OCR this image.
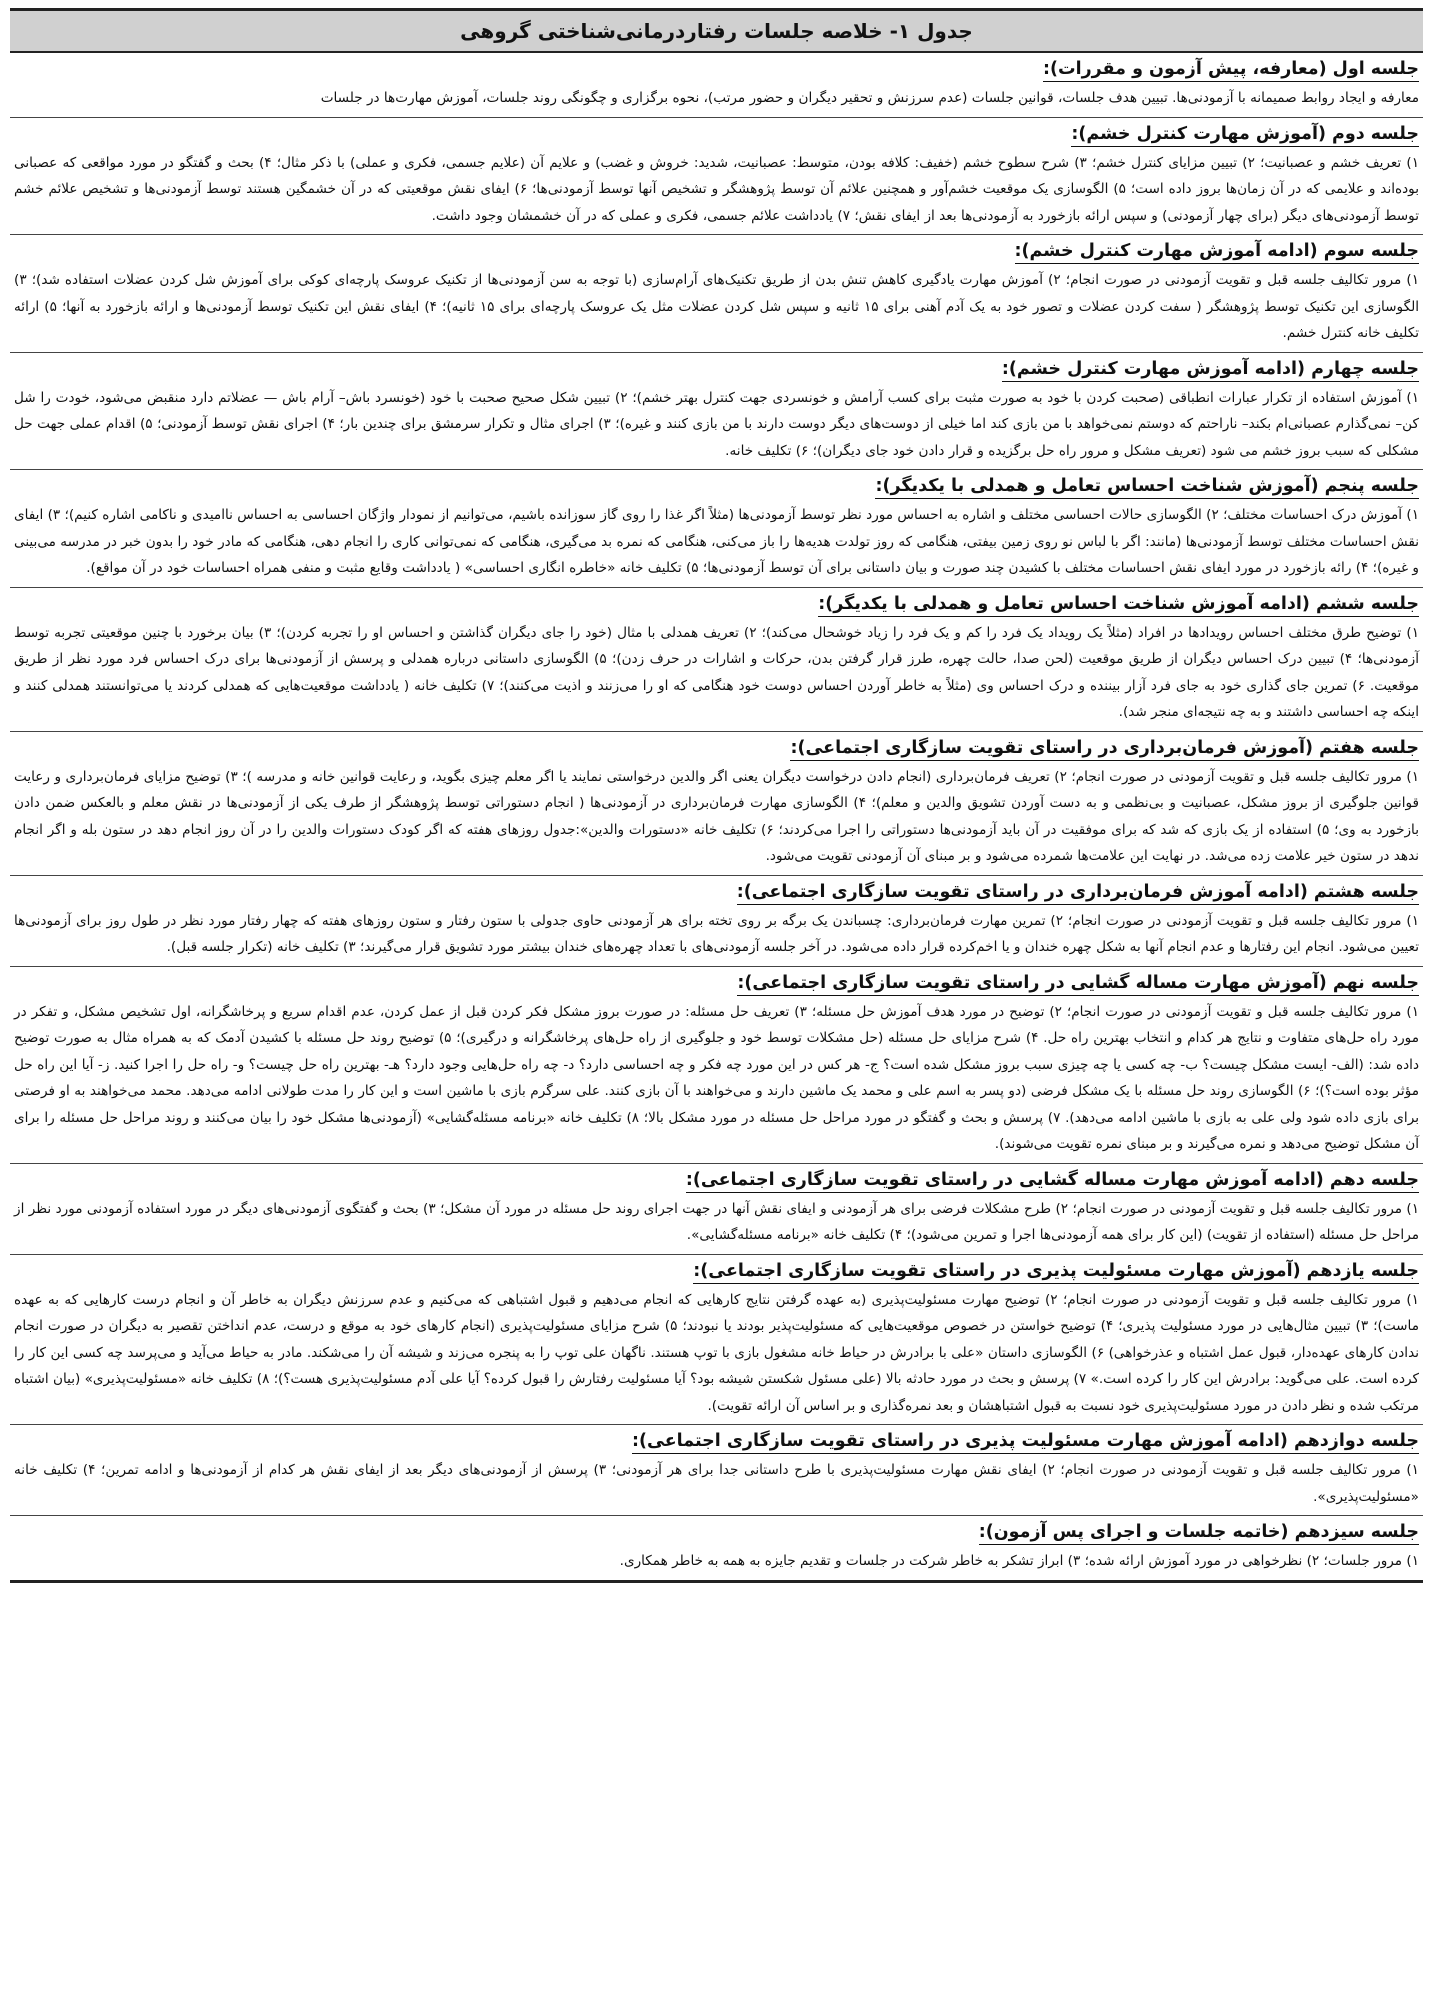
جدول ۱- خلاصه جلسات رفتاردرمانی‌شناختی گروهی
جلسه اول (معارفه، پیش آزمون و مقررات):
معارفه و ایجاد روابط صمیمانه با آزمودنی‌ها. تبیین هدف جلسات، قوانین جلسات (عدم سرزنش و تحقیر دیگران و حضور مرتب)، نحوه برگزاری و چگونگی روند جلسات، آموزش مهارت‌ها در جلسات
جلسه دوم (آموزش مهارت کنترل خشم):
۱) تعریف خشم و عصبانیت؛ ۲) تبیین مزایای کنترل خشم؛ ۳) شرح سطوح خشم (خفیف: کلافه بودن، متوسط: عصبانیت، شدید: خروش و غضب) و علایم آن (علایم جسمی، فکری و عملی) با ذکر مثال؛ ۴) بحث و گفتگو در مورد مواقعی که عصبانی بوده‌اند و علایمی که در آن زمان‌ها بروز داده است؛ ۵) الگوسازی یک موقعیت خشم‌آور و همچنین علائم آن توسط پژوهشگر و تشخیص آنها توسط آزمودنی‌ها؛ ۶) ایفای نقش موقعیتی که در آن خشمگین هستند توسط آزمودنی‌ها و تشخیص علائم خشم توسط آزمودنی‌های دیگر (برای چهار آزمودنی) و سپس ارائه بازخورد به آزمودنی‌ها بعد از ایفای نقش؛ ۷) یادداشت علائم جسمی، فکری و عملی که در آن خشمشان وجود داشت.
جلسه سوم (ادامه آموزش مهارت کنترل خشم):
۱) مرور تکالیف جلسه قبل و تقویت آزمودنی در صورت انجام؛ ۲) آموزش مهارت یادگیری کاهش تنش بدن از طریق تکنیک‌های آرام‌سازی (با توجه به سن آزمودنی‌ها از تکنیک عروسک پارچه‌ای کوکی برای آموزش شل کردن عضلات استفاده شد)؛ ۳) الگوسازی این تکنیک توسط پژوهشگر ( سفت کردن عضلات و تصور خود به یک آدم آهنی برای ۱۵ ثانیه و سپس شل کردن عضلات مثل یک عروسک پارچه‌ای برای ۱۵ ثانیه)؛ ۴) ایفای نقش این تکنیک توسط آزمودنی‌ها و ارائه بازخورد به آنها؛ ۵) ارائه تکلیف خانه کنترل خشم.
جلسه چهارم (ادامه آموزش مهارت کنترل خشم):
۱) آموزش استفاده از تکرار عبارات انطباقی (صحبت کردن با خود به صورت مثبت برای کسب آرامش و خونسردی جهت کنترل بهتر خشم)؛ ۲) تبیین شکل صحیح صحبت با خود (خونسرد باش– آرام باش — عضلاتم دارد منقبض می‌شود، خودت را شل کن– نمی‌گذارم عصبانی‌ام بکند– ناراحتم که دوستم نمی‌خواهد با من بازی کند اما خیلی از دوست‌های دیگر دوست دارند با من بازی کنند و غیره)؛ ۳) اجرای مثال و تکرار سرمشق برای چندین بار؛ ۴) اجرای نقش توسط آزمودنی؛ ۵) اقدام عملی جهت حل مشکلی که سبب بروز خشم می شود (تعریف مشکل و مرور راه حل برگزیده و قرار دادن خود جای دیگران)؛ ۶) تکلیف خانه.
جلسه پنجم (آموزش شناخت احساس تعامل و همدلی با یکدیگر):
۱) آموزش درک احساسات مختلف؛ ۲) الگوسازی حالات احساسی مختلف و اشاره به احساس مورد نظر توسط آزمودنی‌ها (مثلاً اگر غذا را روی گاز سوزانده باشیم، می‌توانیم از نمودار واژگان احساسی به احساس ناامیدی و ناکامی اشاره کنیم)؛ ۳) ایفای نقش احساسات مختلف توسط آزمودنی‌ها (مانند: اگر با لباس نو روی زمین بیفتی، هنگامی که روز تولدت هدیه‌ها را باز می‌کنی، هنگامی که نمره بد می‌گیری، هنگامی که نمی‌توانی کاری را انجام دهی، هنگامی که مادر خود را بدون خبر در مدرسه می‌بینی و غیره)؛ ۴) رائه بازخورد در مورد ایفای نقش احساسات مختلف با کشیدن چند صورت و بیان داستانی برای آن توسط آزمودنی‌ها؛ ۵) تکلیف خانه «خاطره انگاری احساسی» ( یادداشت وقایع مثبت و منفی همراه احساسات خود در آن مواقع).
جلسه ششم (ادامه آموزش شناخت احساس تعامل و همدلی با یکدیگر):
۱) توضیح طرق مختلف احساس رویدادها در افراد (مثلاً یک رویداد یک فرد را کم و یک فرد را زیاد خوشحال می‌کند)؛ ۲) تعریف همدلی با مثال (خود را جای دیگران گذاشتن و احساس او را تجربه کردن)؛ ۳) بیان برخورد با چنین موقعیتی تجربه توسط آزمودنی‌ها؛ ۴) تبیین درک احساس دیگران از طریق موقعیت (لحن صدا، حالت چهره، طرز قرار گرفتن بدن، حرکات و اشارات در حرف زدن)؛ ۵) الگوسازی داستانی درباره همدلی و پرسش از آزمودنی‌ها برای درک احساس فرد مورد نظر از طریق موقعیت. ۶) تمرین جای گذاری خود به جای فرد آزار بیننده و درک احساس وی (مثلاً به خاطر آوردن احساس دوست خود هنگامی که او را می‌زنند و اذیت می‌کنند)؛ ۷) تکلیف خانه ( یادداشت موقعیت‌هایی که همدلی کردند یا می‌توانستند همدلی کنند و اینکه چه احساسی داشتند و به چه نتیجه‌ای منجر شد).
جلسه هفتم (آموزش فرمان‌برداری در راستای تقویت سازگاری اجتماعی):
۱) مرور تکالیف جلسه قبل و تقویت آزمودنی در صورت انجام؛ ۲) تعریف فرمان‌برداری (انجام دادن درخواست دیگران یعنی اگر والدین درخواستی نمایند یا اگر معلم چیزی بگوید، و رعایت قوانین خانه و مدرسه )؛ ۳) توضیح مزایای فرمان‌برداری و رعایت قوانین جلوگیری از بروز مشکل، عصبانیت و بی‌نظمی و به دست آوردن تشویق والدین و معلم)؛ ۴) الگوسازی مهارت فرمان‌برداری در آزمودنی‌ها ( انجام دستوراتی توسط پژوهشگر از طرف یکی از آزمودنی‌ها در نقش معلم و بالعکس ضمن دادن بازخورد به وی؛ ۵) استفاده از یک بازی که شد که برای موفقیت در آن باید آزمودنی‌ها دستوراتی را اجرا می‌کردند؛ ۶) تکلیف خانه «دستورات والدین»:جدول روزهای هفته که اگر کودک دستورات والدین را در آن روز انجام دهد در ستون بله و اگر انجام ندهد در ستون خیر علامت زده می‌شد. در نهایت این علامت‌ها شمرده می‌شود و بر مبنای آن آزمودنی تقویت می‌شود.
جلسه هشتم (ادامه آموزش فرمان‌برداری در راستای تقویت سازگاری اجتماعی):
۱) مرور تکالیف جلسه قبل و تقویت آزمودنی در صورت انجام؛ ۲) تمرین مهارت فرمان‌برداری: چسباندن یک برگه بر روی تخته برای هر آزمودنی حاوی جدولی با ستون رفتار و ستون روزهای هفته که چهار رفتار مورد نظر در طول روز برای آزمودنی‌ها تعیین می‌شود. انجام این رفتارها و عدم انجام آنها به شکل چهره خندان و یا اخم‌کرده قرار داده می‌شود. در آخر جلسه آزمودنی‌های با تعداد چهره‌های خندان بیشتر مورد تشویق قرار می‌گیرند؛ ۳) تکلیف خانه (تکرار جلسه قبل).
جلسه نهم (آموزش مهارت مساله گشایی در راستای تقویت سازگاری اجتماعی):
۱) مرور تکالیف جلسه قبل و تقویت آزمودنی در صورت انجام؛ ۲) توضیح در مورد هدف آموزش حل مسئله؛ ۳) تعریف حل مسئله: در صورت بروز مشکل فکر کردن قبل از عمل کردن، عدم اقدام سریع و پرخاشگرانه، اول تشخیص مشکل، و تفکر در مورد راه حل‌های متفاوت و نتایج هر کدام و انتخاب بهترین راه حل. ۴) شرح مزایای حل مسئله (حل مشکلات توسط خود و جلوگیری از راه حل‌های پرخاشگرانه و درگیری)؛ ۵) توضیح روند حل مسئله با کشیدن آدمک که به همراه مثال به صورت توضیح داده شد: (الف- ایست مشکل چیست؟ ب- چه کسی یا چه چیزی سبب بروز مشکل شده است؟ ج- هر کس در این مورد چه فکر و چه احساسی دارد؟ د- چه راه حل‌هایی وجود دارد؟ هـ- بهترین راه حل چیست؟ و- راه حل را اجرا کنید. ز- آیا این راه حل مؤثر بوده است؟)؛ ۶) الگوسازی روند حل مسئله با یک مشکل فرضی (دو پسر به اسم علی و محمد یک ماشین دارند و می‌خواهند با آن بازی کنند. علی سرگرم بازی با ماشین است و این کار را مدت طولانی ادامه می‌دهد. محمد می‌خواهند به او فرصتی برای بازی داده شود ولی علی به بازی با ماشین ادامه می‌دهد). ۷) پرسش و بحث و گفتگو در مورد مراحل حل مسئله در مورد مشکل بالا؛ ۸) تکلیف خانه «برنامه مسئله‌گشایی» (آزمودنی‌ها مشکل خود را بیان می‌کنند و روند مراحل حل مسئله را برای آن مشکل توضیح می‌دهد و نمره می‌گیرند و بر مبنای نمره تقویت می‌شوند).
جلسه دهم (ادامه آموزش مهارت مساله گشایی در راستای تقویت سازگاری اجتماعی):
۱) مرور تکالیف جلسه قبل و تقویت آزمودنی در صورت انجام؛ ۲) طرح مشکلات فرضی برای هر آزمودنی و ایفای نقش آنها در جهت اجرای روند حل مسئله در مورد آن مشکل؛ ۳) بحث و گفتگوی آزمودنی‌های دیگر در مورد استفاده آزمودنی مورد نظر از مراحل حل مسئله (استفاده از تقویت) (این کار برای همه آزمودنی‌ها اجرا و تمرین می‌شود)؛ ۴) تکلیف خانه «برنامه مسئله‌گشایی».
جلسه یازدهم (آموزش مهارت مسئولیت پذیری در راستای تقویت سازگاری اجتماعی):
۱) مرور تکالیف جلسه قبل و تقویت آزمودنی در صورت انجام؛ ۲) توضیح مهارت مسئولیت‌پذیری (به عهده گرفتن نتایج کارهایی که انجام می‌دهیم و قبول اشتباهی که می‌کنیم و عدم سرزنش دیگران به خاطر آن و انجام درست کارهایی که به عهده ماست)؛ ۳) تبیین مثال‌هایی در مورد مسئولیت پذیری؛ ۴) توضیح خواستن در خصوص موقعیت‌هایی که مسئولیت‌پذیر بودند یا نبودند؛ ۵) شرح مزایای مسئولیت‌پذیری (انجام کارهای خود به موقع و درست، عدم انداختن تقصیر به دیگران در صورت انجام ندادن کارهای عهده‌دار، قبول عمل اشتباه و عذرخواهی) ۶) الگوسازی داستان «علی با برادرش در حیاط خانه مشغول بازی با توپ هستند. ناگهان علی توپ را به پنجره می‌زند و شیشه آن را می‌شکند. مادر به حیاط می‌آید و می‌پرسد چه کسی این کار را کرده است. علی می‌گوید: برادرش این کار را کرده است.» ۷) پرسش و بحث در مورد حادثه بالا (علی مسئول شکستن شیشه بود؟ آیا مسئولیت رفتارش را قبول کرده؟ آیا علی آدم مسئولیت‌پذیری هست؟)؛ ۸) تکلیف خانه «مسئولیت‌پذیری» (بیان اشتباه مرتکب شده و نظر دادن در مورد مسئولیت‌پذیری خود نسبت به قبول اشتباهشان و بعد نمره‌گذاری و بر اساس آن ارائه تقویت).
جلسه دوازدهم (ادامه آموزش مهارت مسئولیت پذیری در راستای تقویت سازگاری اجتماعی):
۱) مرور تکالیف جلسه قبل و تقویت آزمودنی در صورت انجام؛ ۲) ایفای نقش مهارت مسئولیت‌پذیری با طرح داستانی جدا برای هر آزمودنی؛ ۳) پرسش از آزمودنی‌های دیگر بعد از ایفای نقش هر کدام از آزمودنی‌ها و ادامه تمرین؛ ۴) تکلیف خانه «مسئولیت‌پذیری».
جلسه سیزدهم (خاتمه جلسات و اجرای پس آزمون):
۱) مرور جلسات؛ ۲) نظرخواهی در مورد آموزش ارائه شده؛ ۳) ابراز تشکر به خاطر شرکت در جلسات و تقدیم جایزه به همه به خاطر همکاری.
